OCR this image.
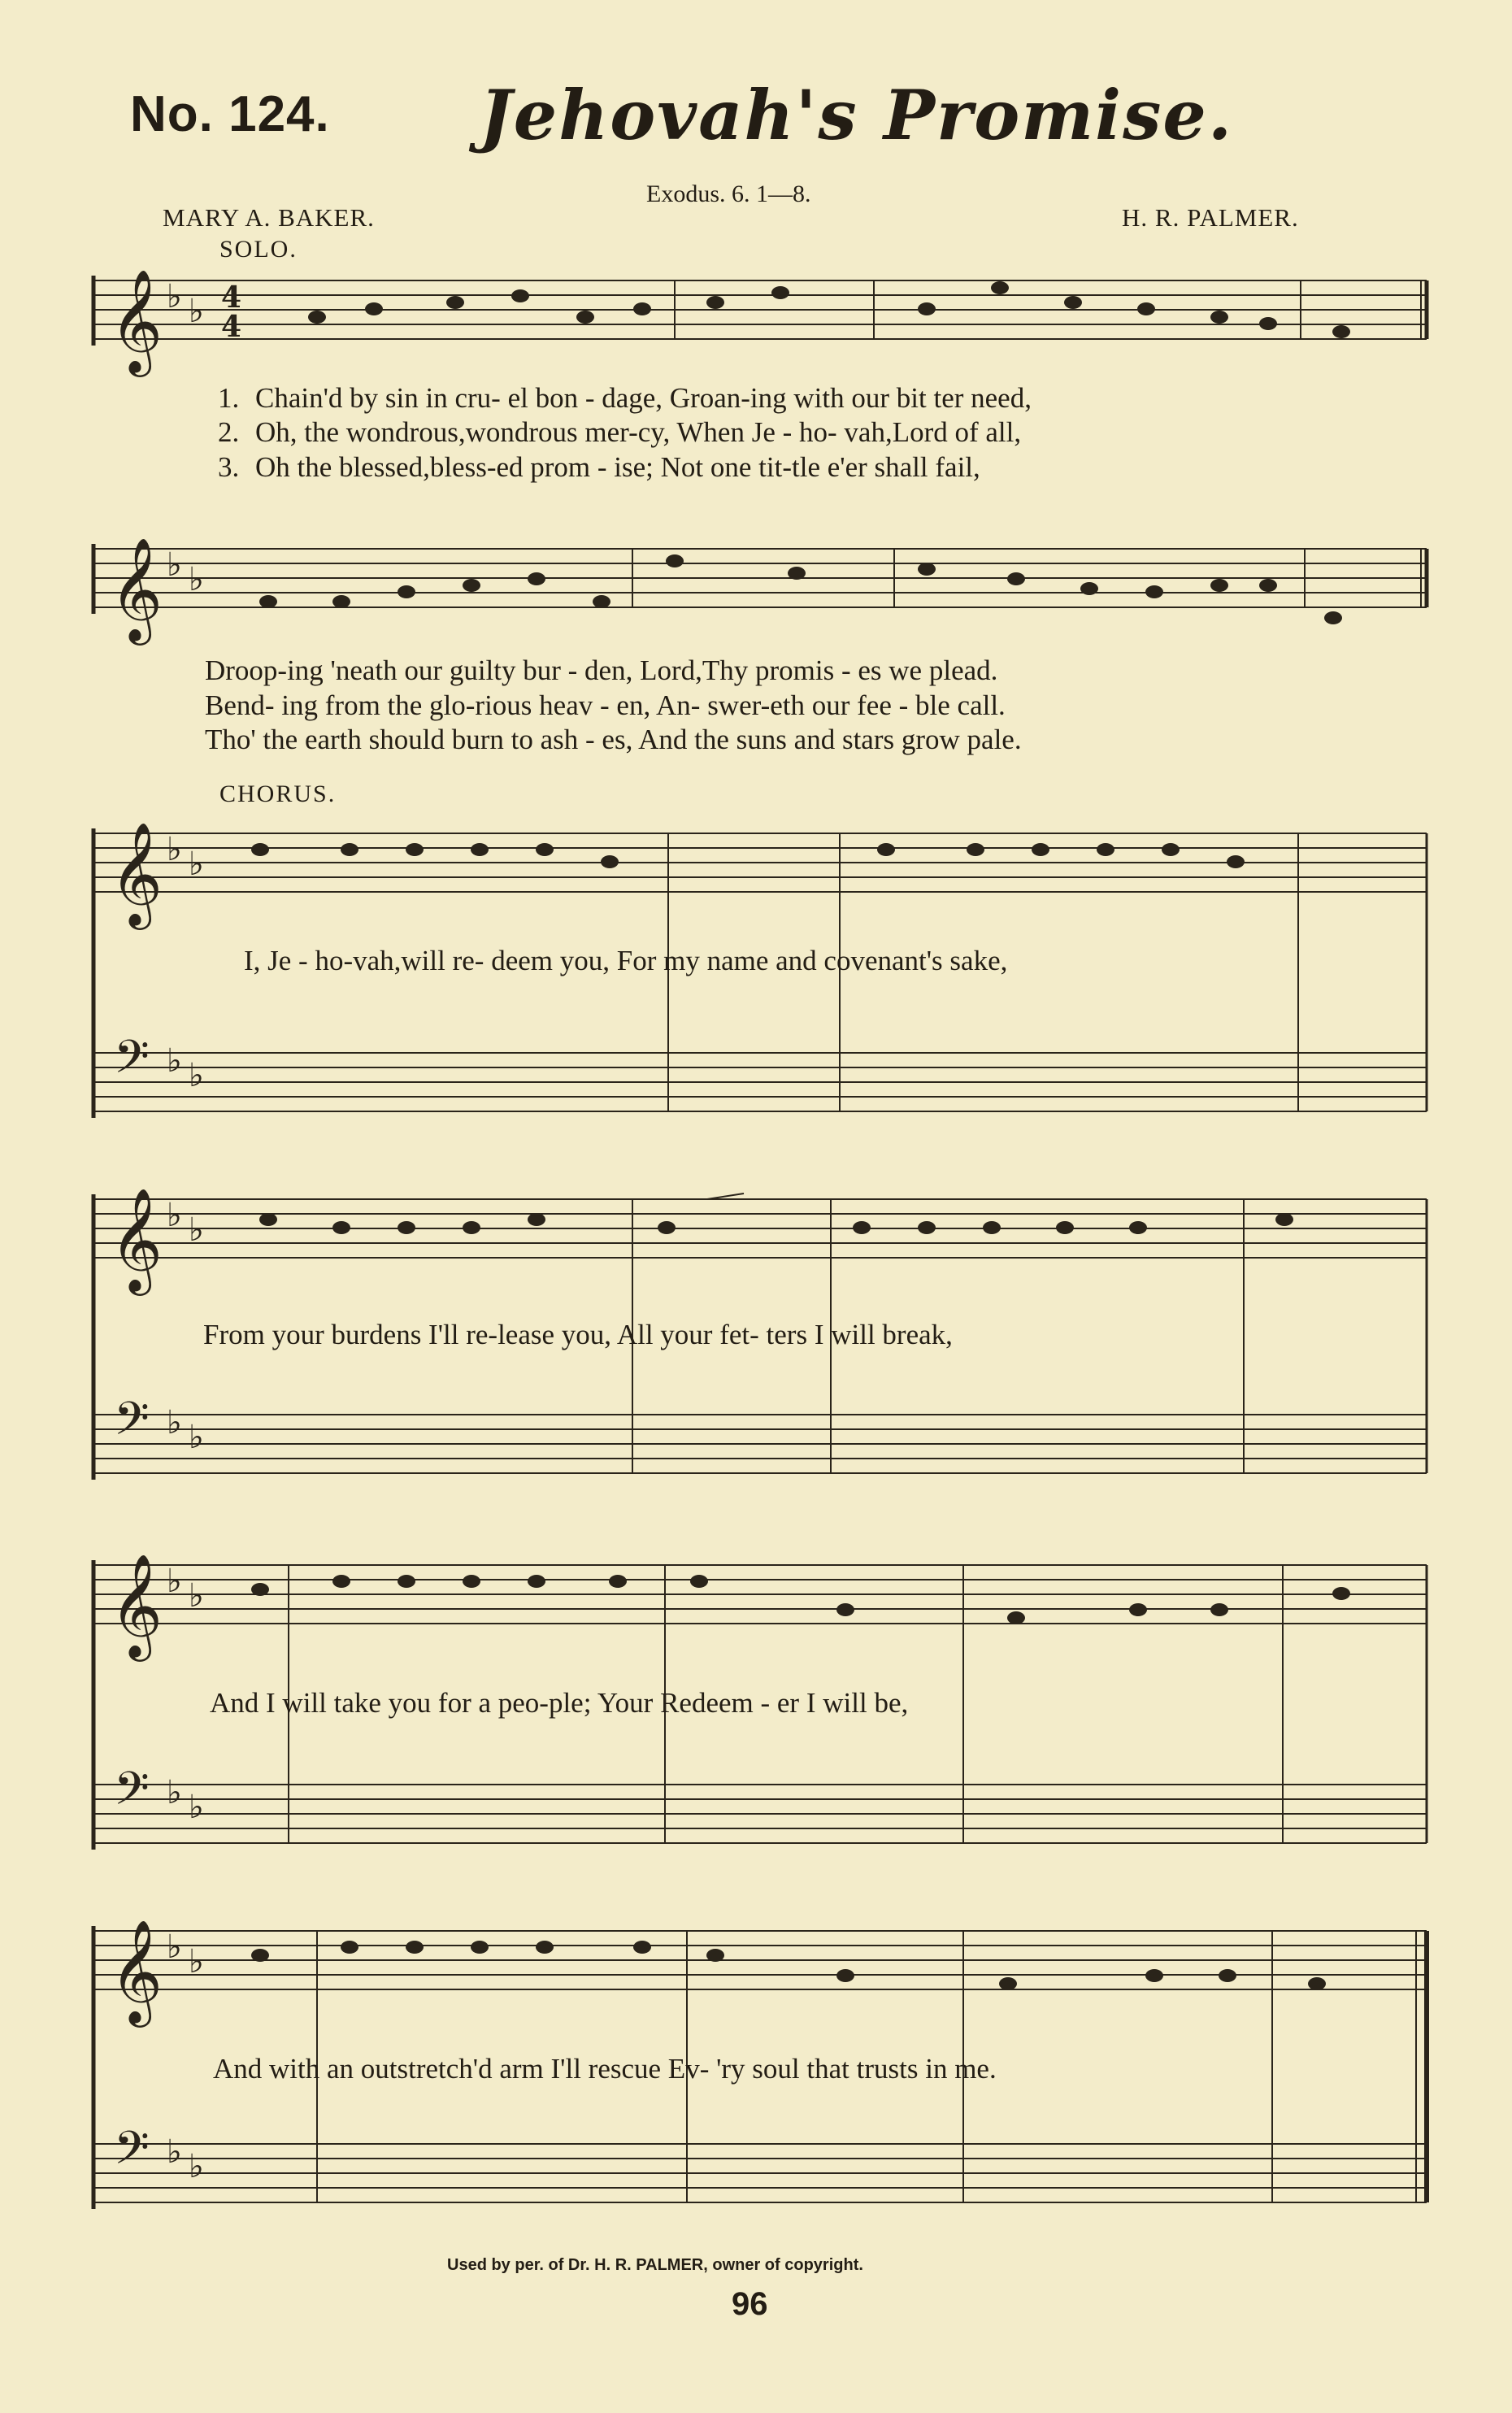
No. 124. Jehovah's Promise.
Exodus. 6. 1—8.
MARY A. BAKER.	H. R. PALMER.
SOLO.
𝄞 ♭ ♭ 4
4
𝄞 ♭ ♭
𝄞 ♭ ♭
𝄢 ♭ ♭
𝄞 ♭ ♭
𝄢 ♭ ♭
𝄞 ♭ ♭
𝄢 ♭ ♭
𝄞 ♭ ♭
𝄢 ♭ ♭
1. Chain'd by sin in cru- el bon - dage, Groan-ing with our bit ter need,
2. Oh, the wondrous,wondrous mer-cy, When Je - ho- vah,Lord of all,
3. Oh the blessed,bless-ed prom - ise; Not one tit-tle e'er shall fail,
Droop-ing 'neath our guilty bur - den, Lord,Thy promis - es we plead.
Bend- ing from the glo-rious heav - en, An- swer-eth our fee - ble call.
Tho' the earth should burn to ash - es, And the suns and stars grow pale.
CHORUS.
I, Je - ho-vah,will re- deem you, For my name and covenant's sake,
From your burdens I'll re-lease you, All your fet- ters I will break,
And I will take you for a peo-ple; Your Redeem - er I will be,
And with an outstretch'd arm I'll rescue Ev- 'ry soul that trusts in me.
Used by per. of Dr. H. R. PALMER, owner of copyright.
96
